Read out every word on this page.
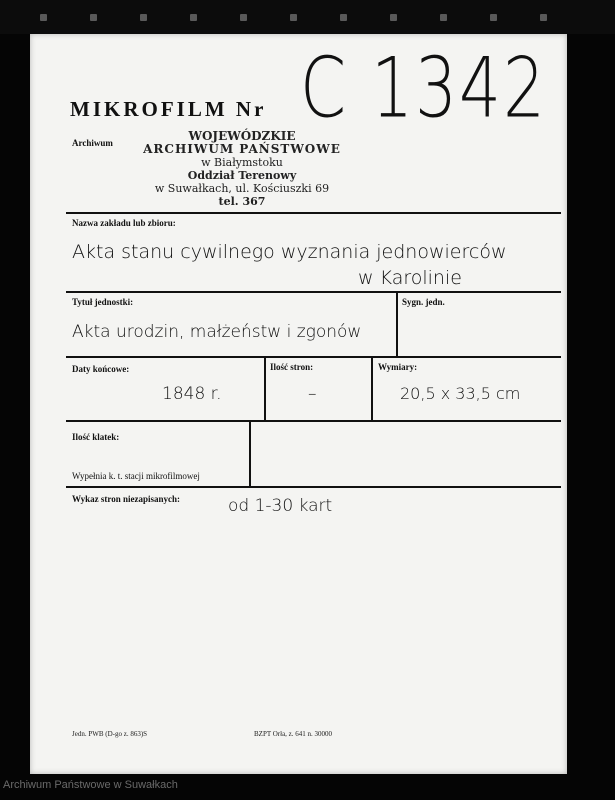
MIKROFILM Nr C 1342
Archiwum	WOJEWÓDZKIE
ARCHIWUM PAŃSTWOWE
w Białymstoku
Oddział Terenowy
w Suwałkach, ul. Kościuszki 69
tel. 367
Nazwa zakładu lub zbioru:
Akta stanu cywilnego wyznania jednowierców
w Karolinie
Tytuł jednostki:
Akta urodzin, małżeństw i zgonów
Sygn. jedn.
Daty końcowe:
1848 r.
Ilość stron:
–
Wymiary:
20,5 x 33,5 cm
Ilość klatek:
Wypełnia k. t. stacji mikrofilmowej
Wykaz stron niezapisanych:	od 1-30 kart
Jedn. PWB (D-go z. 863)S	BZPT Orła, z. 641 n. 30000
Archiwum Państwowe w Suwałkach
